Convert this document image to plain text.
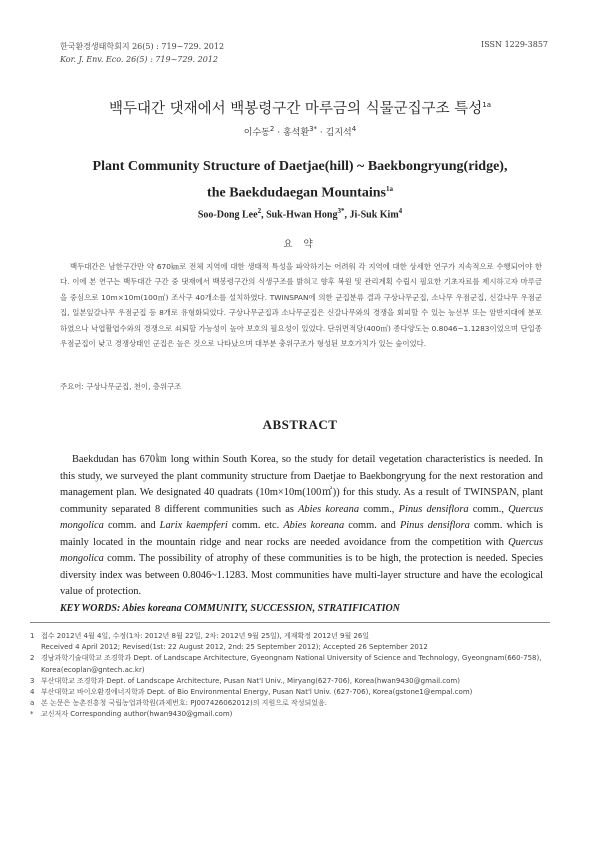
한국환경생태학회지 26(5) : 719~729. 2012
Kor. J. Env. Eco. 26(5) : 719~729. 2012
ISSN 1229-3857
백두대간 댓재에서 백봉령구간 마루금의 식물군집구조 특성$^{1a}$
이수동$^2$ · 홍석환$^{3*}$ · 김지석$^4$
Plant Community Structure of Daetjae(hill) ~ Baekbongryung(ridge),
the Baekdudaegan Mountains$^{1a}$
Soo-Dong Lee$^2$, Suk-Hwan Hong$^{3*}$, Ji-Suk Kim$^4$
요 약
백두대간은 남한구간만 약 670㎞로 전체 지역에 대한 생태적 특성을 파악하기는 어려워 각 지역에 대한 상세한 연구가 지속적으로 수행되어야 한다. 이에 본 연구는 백두대간 구간 중 댓재에서 백봉령구간의 식생구조를 밝혀고 향후 복원 및 관리계획 수립시 필요한 기초자료를 제시하고자 마루금을 중심으로 10m×10m(100㎡) 조사구 40개소를 설치하였다. TWINSPAN에 의한 군집분류 결과 구상나무군집, 소나무 우점군집, 신갈나무 우점군집, 일본잎갈나무 우점군집 등 8개로 유형화되었다. 구상나무군집과 소나무군집은 신갈나무와의 경쟁을 회피할 수 있는 능선부 또는 암반지대에 분포하였으나 낙엽활엽수와의 경쟁으로 쇠퇴할 가능성이 높아 보호의 필요성이 있었다. 단위면적당(400㎡) 종다양도는 0.8046~1.1283이었으며 단일종 우점군집이 낮고 경쟁상태인 군집은 높은 것으로 나타났으며 대부분 충위구조가 형성된 보호가치가 있는 숲이었다.
주요어: 구상나무군집, 천이, 층위구조
ABSTRACT
Baekdudan has 670㎞ long within South Korea, so the study for detail vegetation characteristics is needed. In this study, we surveyed the plant community structure from Daetjae to Baekbongryung for the next restoration and management plan. We designated 40 quadrats (10m×10m(100㎡)) for this study. As a result of TWINSPAN, plant community separated 8 different communities such as Abies koreana comm., Pinus densiflora comm., Quercus mongolica comm. and Larix kaempferi comm. etc. Abies koreana comm. and Pinus densiflora comm. which is mainly located in the mountain ridge and near rocks are needed avoidance from the competition with Quercus mongolica comm. The possibility of atrophy of these communities is to be high, the protection is needed. Species diversity index was between 0.8046~1.1283. Most communities have multi-layer structure and have the ecological value of protection.
KEY WORDS: Abies koreana COMMUNITY, SUCCESSION, STRATIFICATION
1 접수 2012년 4월 4일, 수정(1차: 2012년 8월 22일, 2차: 2012년 9월 25일), 게재확정 2012년 9월 26일
Received 4 April 2012; Revised(1st: 22 August 2012, 2nd: 25 September 2012); Accepted 26 September 2012
2 경남과학기술대학교 조경학과 Dept. of Landscape Architecture, Gyeongnam National University of Science and Technology, Gyeongnam(660-758), Korea(ecoplan@gntech.ac.kr)
3 부산대학교 조경학과 Dept. of Landscape Architecture, Pusan Nat'l Univ., Miryang(627-706), Korea(hwan9430@gmail.com)
4 부산대학교 바이오환경에너지학과 Dept. of Bio Environmental Energy, Pusan Nat'l Univ. (627-706), Korea(gstone1@empal.com)
a 본 논문은 농촌진흥청 국립농업과학원(과제번호: PJ007426062012)의 지원으로 작성되었음.
*	교신저자 Corresponding author(hwan9430@gmail.com)
